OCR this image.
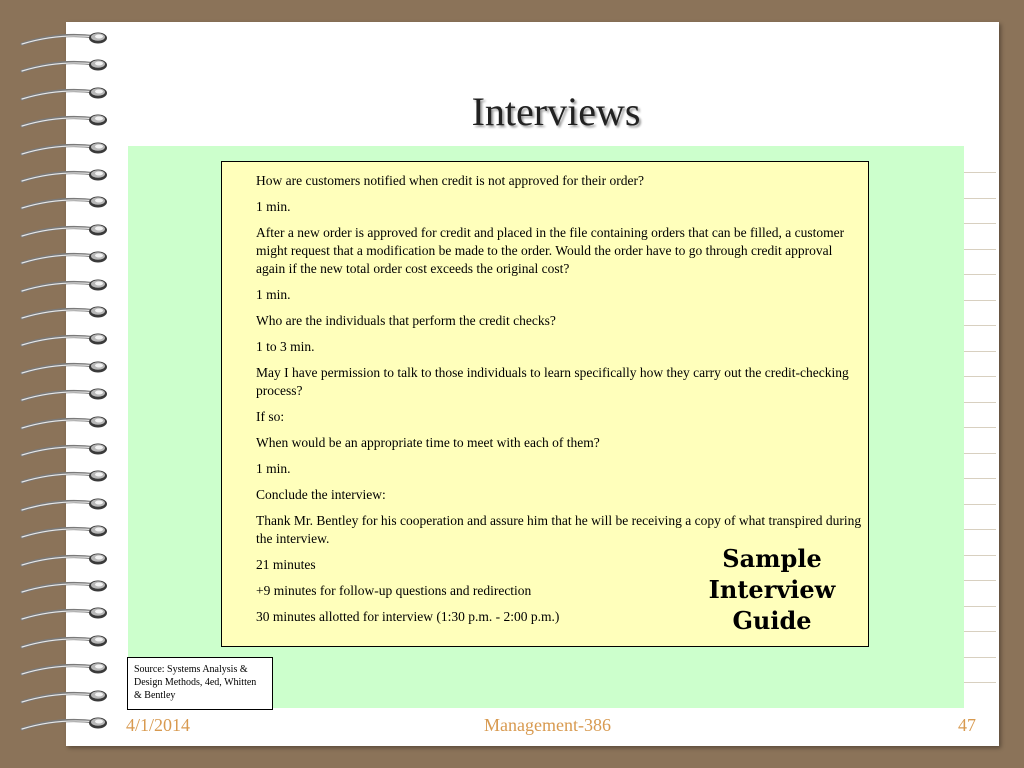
Interviews
How are customers notified when credit is not approved for their order?
1 min.
After a new order is approved for credit and placed in the file containing orders that can be filled, a customer might request that a modification be made to the order. Would the order have to go through credit approval again if the new total order cost exceeds the original cost?
1 min.
Who are the individuals that perform the credit checks?
1 to 3 min.
May I have permission to talk to those individuals to learn specifically how they carry out the credit-checking process?
If so:
When would be an appropriate time to meet with each of them?
1 min.
Conclude the interview:
Thank Mr. Bentley for his cooperation and assure him that he will be receiving a copy of what transpired during the interview.
21 minutes
+9 minutes for follow-up questions and redirection
30 minutes allotted for interview (1:30 p.m. - 2:00 p.m.)
Sample
Interview
Guide
Source: Systems Analysis & Design Methods, 4ed, Whitten & Bentley
4/1/2014	Management-386	47
